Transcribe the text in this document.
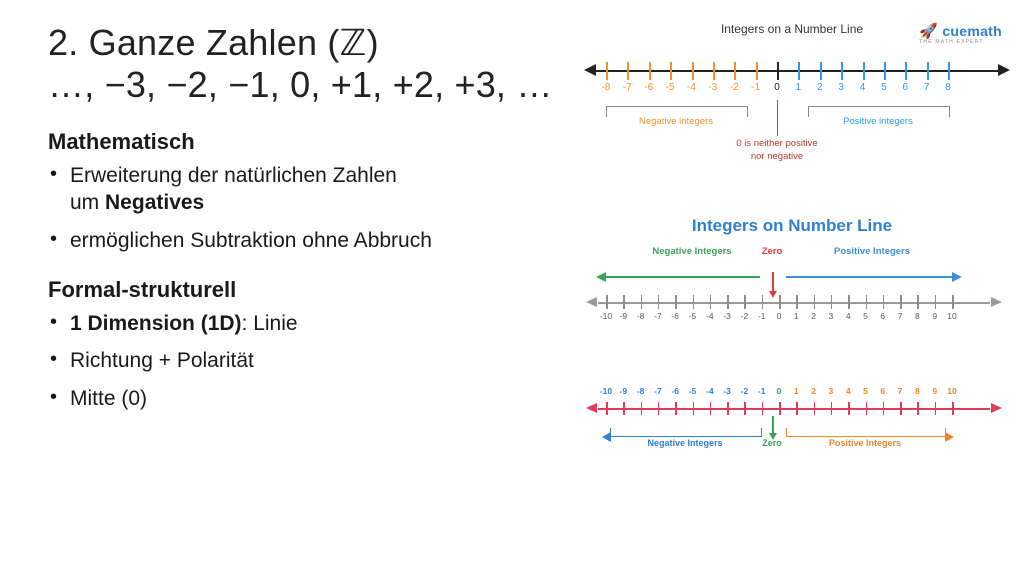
2. Ganze Zahlen (ℤ)
…, −3, −2, −1, 0, +1, +2, +3, …
Mathematisch
• Erweiterung der natürlichen Zahlen
um Negatives
• ermöglichen Subtraktion ohne Abbruch
Formal-strukturell
• 1 Dimension (1D): Linie
• Richtung + Polarität
• Mitte (0)
Integers on a Number Line	🚀 cuemath
THE MATH EXPERT
-8 -7 -6 -5 -4 -3 -2 -1 0 1 2 3 4 5 6 7 8
Negative integers	Positive integers
0 is neither positive
nor negative
Integers on Number Line
-10 -9 -8 -7 -6 -5 -4 -3 -2 -1 0 1 2 3 4 5 6 7 8 9 10
Negative Integers	Positive Integers
Zero
-10 -9 -8 -7 -6 -5 -4 -3 -2 -1 0 1 2 3 4 5 6 7 8 9 10
Negative Integers	Positive Integers
Zero
